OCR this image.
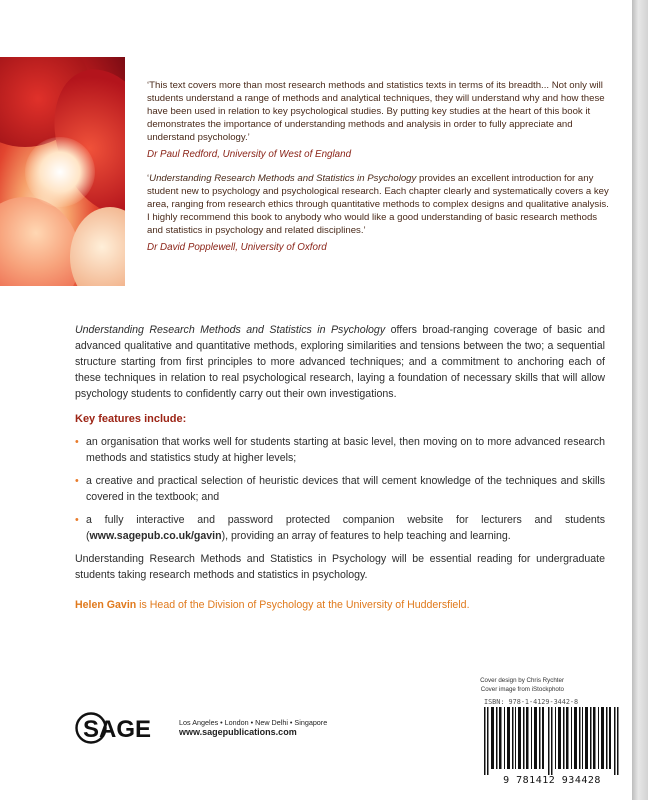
‘This text covers more than most research methods and statistics texts in terms of its breadth... Not only will students understand a range of methods and analytical techniques, they will understand why and how these have been used in relation to key psychological studies. By putting key studies at the heart of this book it demonstrates the importance of understanding methods and analysis in order to fully appreciate and understand psychology.’

Dr Paul Redford, University of West of England

‘Understanding Research Methods and Statistics in Psychology provides an excellent introduction for any student new to psychology and psychological research. Each chapter clearly and systematically covers a key area, ranging from research ethics through quantitative methods to complex designs and qualitative analysis. I highly recommend this book to anybody who would like a good understanding of basic research methods and statistics in psychology and related disciplines.’

Dr David Popplewell, University of Oxford

Understanding Research Methods and Statistics in Psychology offers broad-ranging coverage of basic and advanced qualitative and quantitative methods, exploring similarities and tensions between the two; a sequential structure starting from first principles to more advanced techniques; and a commitment to anchoring each of these techniques in relation to real psychological research, laying a foundation of necessary skills that will allow psychology students to confidently carry out their own investigations.

Key features include:

• an organisation that works well for students starting at basic level, then moving on to more advanced research methods and statistics study at higher levels;
• a creative and practical selection of heuristic devices that will cement knowledge of the techniques and skills covered in the textbook; and
• a fully interactive and password protected companion website for lecturers and students (www.sagepub.co.uk/gavin), providing an array of features to help teaching and learning.

Understanding Research Methods and Statistics in Psychology will be essential reading for undergraduate students taking research methods and statistics in psychology.

Helen Gavin is Head of the Division of Psychology at the University of Huddersfield.

Cover design by Chris Rychter
Cover image from iStockphoto
SAGE	Los Angeles • London • New Delhi • Singapore
www.sagepublications.com
ISBN: 978-1-4129-3442-8
9 781412 934428
